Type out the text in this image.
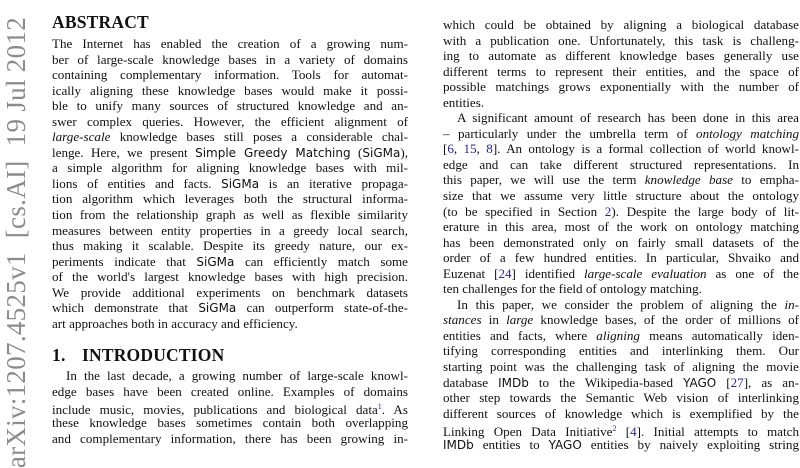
arXiv:1207.4525v1  [cs.AI]  19 Jul 2012 ABSTRACT
The Internet has enabled the creation of a growing num-
ber of large-scale knowledge bases in a variety of domains
containing complementary information. Tools for automat-
ically aligning these knowledge bases would make it possi-
ble to unify many sources of structured knowledge and an-
swer complex queries. However, the efficient alignment of
large-scale knowledge bases still poses a considerable chal-
lenge. Here, we present Simple Greedy Matching (SiGMa),
a simple algorithm for aligning knowledge bases with mil-
lions of entities and facts. SiGMa is an iterative propaga-
tion algorithm which leverages both the structural informa-
tion from the relationship graph as well as flexible similarity
measures between entity properties in a greedy local search,
thus making it scalable. Despite its greedy nature, our ex-
periments indicate that SiGMa can efficiently match some
of the world's largest knowledge bases with high precision.
We provide additional experiments on benchmark datasets
which demonstrate that SiGMa can outperform state-of-the-
art approaches both in accuracy and efficiency.
1. INTRODUCTION
In the last decade, a growing number of large-scale knowl-
edge bases have been created online. Examples of domains
include music, movies, publications and biological data$^1$. As
these knowledge bases sometimes contain both overlapping
and complementary information, there has been growing in-
which could be obtained by aligning a biological database
with a publication one. Unfortunately, this task is challeng-
ing to automate as different knowledge bases generally use
different terms to represent their entities, and the space of
possible matchings grows exponentially with the number of
entities.
A significant amount of research has been done in this area
– particularly under the umbrella term of ontology matching
[6, 15, 8]. An ontology is a formal collection of world knowl-
edge and can take different structured representations. In
this paper, we will use the term knowledge base to empha-
size that we assume very little structure about the ontology
(to be specified in Section 2). Despite the large body of lit-
erature in this area, most of the work on ontology matching
has been demonstrated only on fairly small datasets of the
order of a few hundred entities. In particular, Shvaiko and
Euzenat [24] identified large-scale evaluation as one of the
ten challenges for the field of ontology matching.
In this paper, we consider the problem of aligning the in-
stances in large knowledge bases, of the order of millions of
entities and facts, where aligning means automatically iden-
tifying corresponding entities and interlinking them. Our
starting point was the challenging task of aligning the movie
database IMDb to the Wikipedia-based YAGO [27], as an-
other step towards the Semantic Web vision of interlinking
different sources of knowledge which is exemplified by the
Linking Open Data Initiative$^2$ [4]. Initial attempts to match
IMDb entities to YAGO entities by naively exploiting string
